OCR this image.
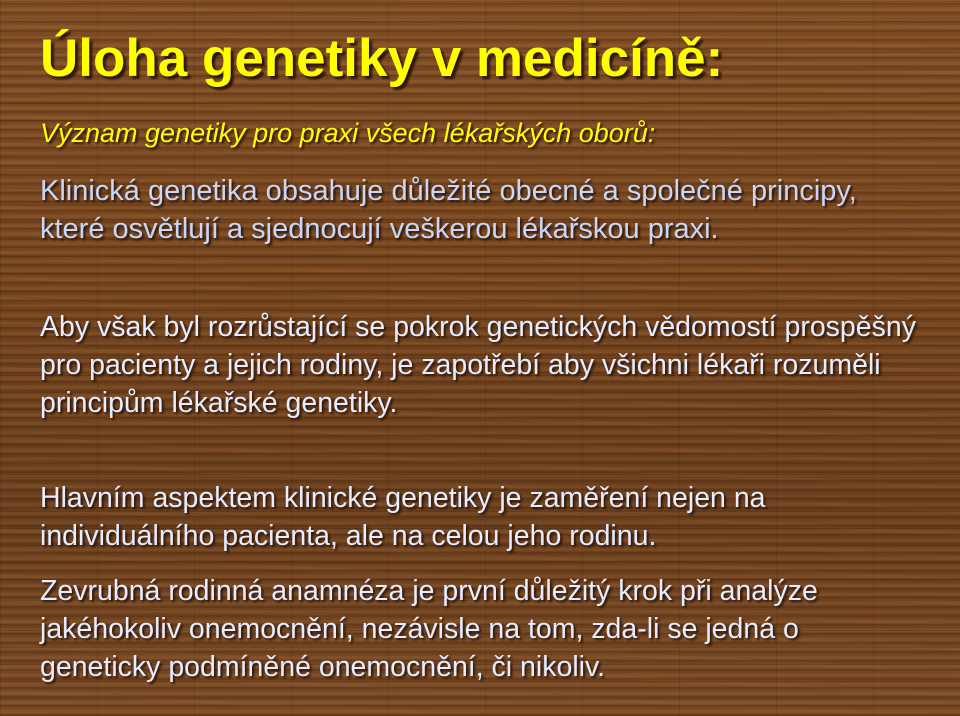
Úloha genetiky v medicíně:

Význam genetiky pro praxi všech lékařských oborů:

Klinická genetika obsahuje důležité obecné a společné principy, které osvětlují a sjednocují veškerou lékařskou praxi.

Aby však byl rozrůstající se pokrok genetických vědomostí prospěšný pro pacienty a jejich rodiny, je zapotřebí aby všichni lékaři rozuměli principům lékařské genetiky.

Hlavním aspektem klinické genetiky je zaměření nejen na individuálního pacienta, ale na celou jeho rodinu.

Zevrubná rodinná anamnéza je první důležitý krok při analýze jakéhokoliv onemocnění, nezávisle na tom, zda-li se jedná o geneticky podmíněné onemocnění, či nikoliv.
